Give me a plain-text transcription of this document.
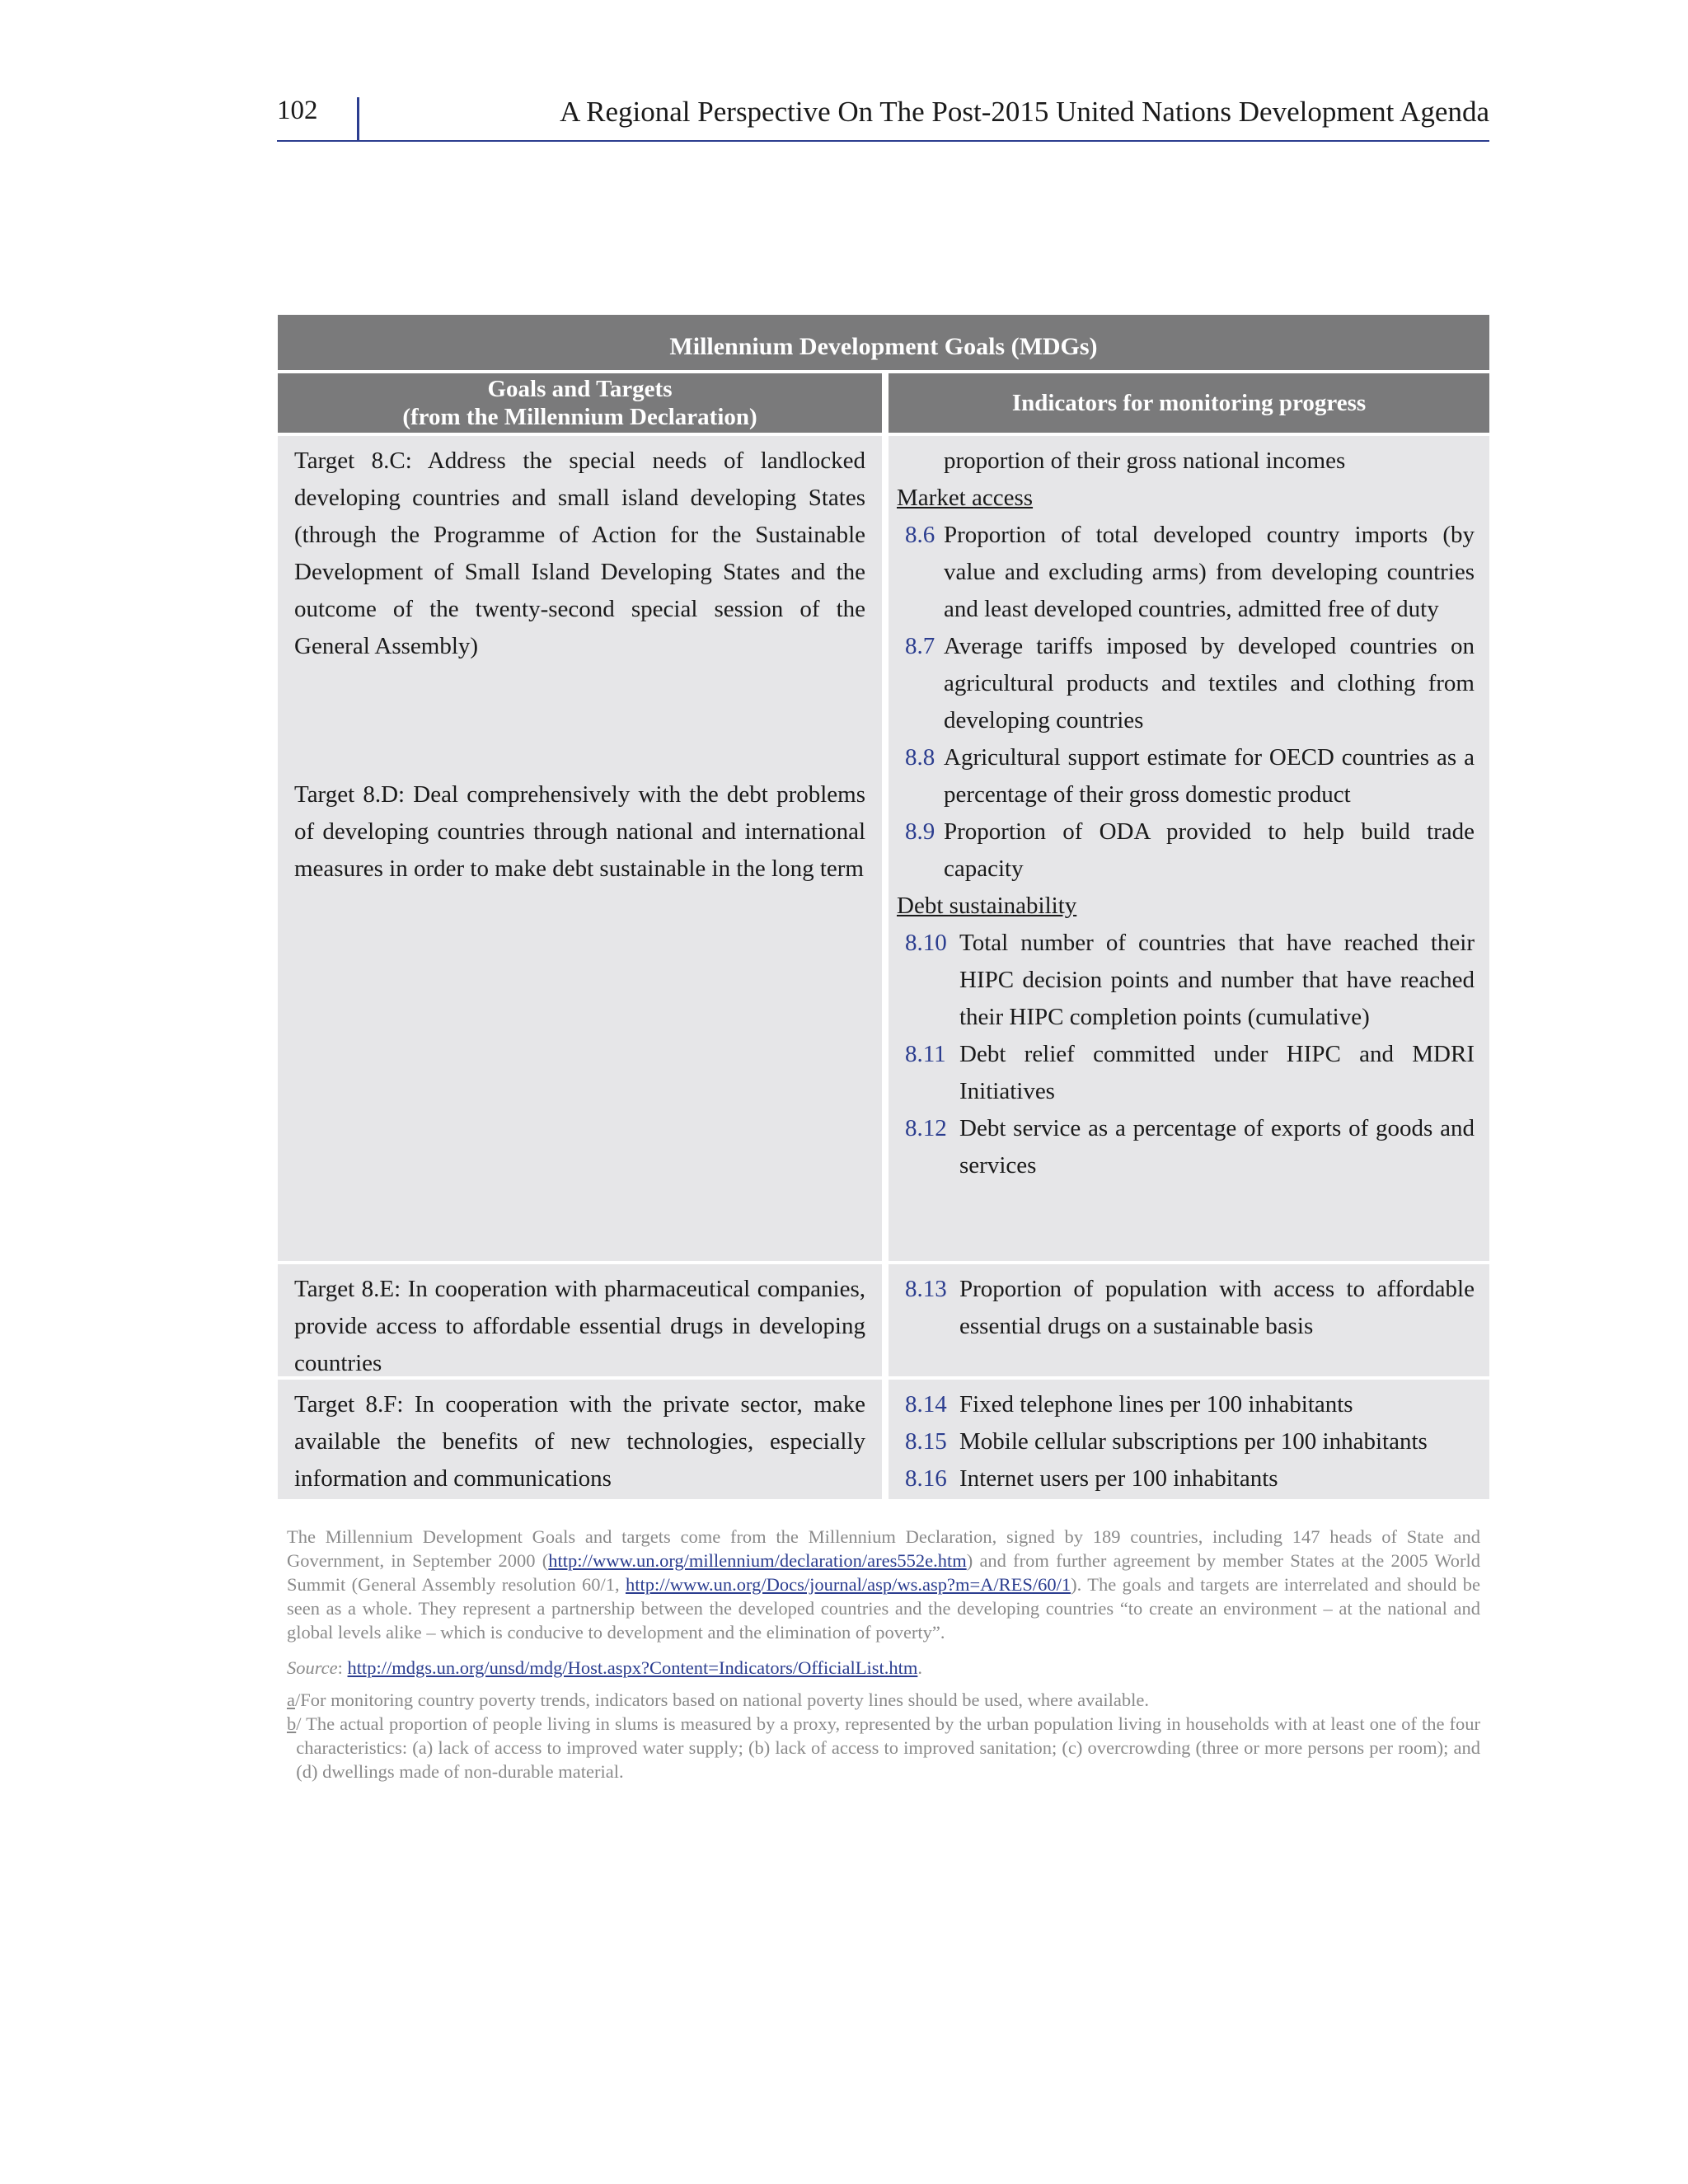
102	A Regional Perspective On The Post-2015 United Nations Development Agenda
Millennium Development Goals (MDGs)
Goals and Targets
(from the Millennium Declaration)
Indicators for monitoring progress
Target 8.C: Address the special needs of landlocked developing countries and small island developing States (through the Programme of Action for the Sustainable Development of Small Island Developing States and the outcome of the twenty-second special session of the General Assembly)
Target 8.D: Deal comprehensively with the debt problems of developing countries through national and international measures in order to make debt sustainable in the long term
proportion of their gross national incomes
Market access
8.6 Proportion of total developed country imports (by value and excluding arms) from developing countries and least developed countries, admitted free of duty
8.7 Average tariffs imposed by developed countries on agricultural products and textiles and clothing from developing countries
8.8 Agricultural support estimate for OECD countries as a percentage of their gross domestic product
8.9 Proportion of ODA provided to help build trade capacity
Debt sustainability
8.10 Total number of countries that have reached their HIPC decision points and number that have reached their HIPC completion points (cumulative)
8.11 Debt relief committed under HIPC and MDRI Initiatives
8.12 Debt service as a percentage of exports of goods and services
Target 8.E: In cooperation with pharmaceutical companies, provide access to affordable essential drugs in developing countries
8.13 Proportion of population with access to affordable essential drugs on a sustainable basis
Target 8.F: In cooperation with the private sector, make available the benefits of new technologies, especially information and communications
8.14 Fixed telephone lines per 100 inhabitants
8.15 Mobile cellular subscriptions per 100 inhabitants
8.16 Internet users per 100 inhabitants

The Millennium Development Goals and targets come from the Millennium Declaration, signed by 189 countries, including 147 heads of State and Government, in September 2000 (http://www.un.org/millennium/declaration/ares552e.htm) and from further agreement by member States at the 2005 World Summit (General Assembly resolution 60/1, http://www.un.org/Docs/journal/asp/ws.asp?m=A/RES/60/1). The goals and targets are interrelated and should be seen as a whole. They represent a partnership between the developed countries and the developing countries “to create an environment – at the national and global levels alike – which is conducive to development and the elimination of poverty”.

Source: http://mdgs.un.org/unsd/mdg/Host.aspx?Content=Indicators/OfficialList.htm.

a /For monitoring country poverty trends, indicators based on national poverty lines should be used, where available.
b / The actual proportion of people living in slums is measured by a proxy, represented by the urban population living in households with at least one of the four characteristics: (a) lack of access to improved water supply; (b) lack of access to improved sanitation; (c) overcrowding (three or more persons per room); and (d) dwellings made of non-durable material.
